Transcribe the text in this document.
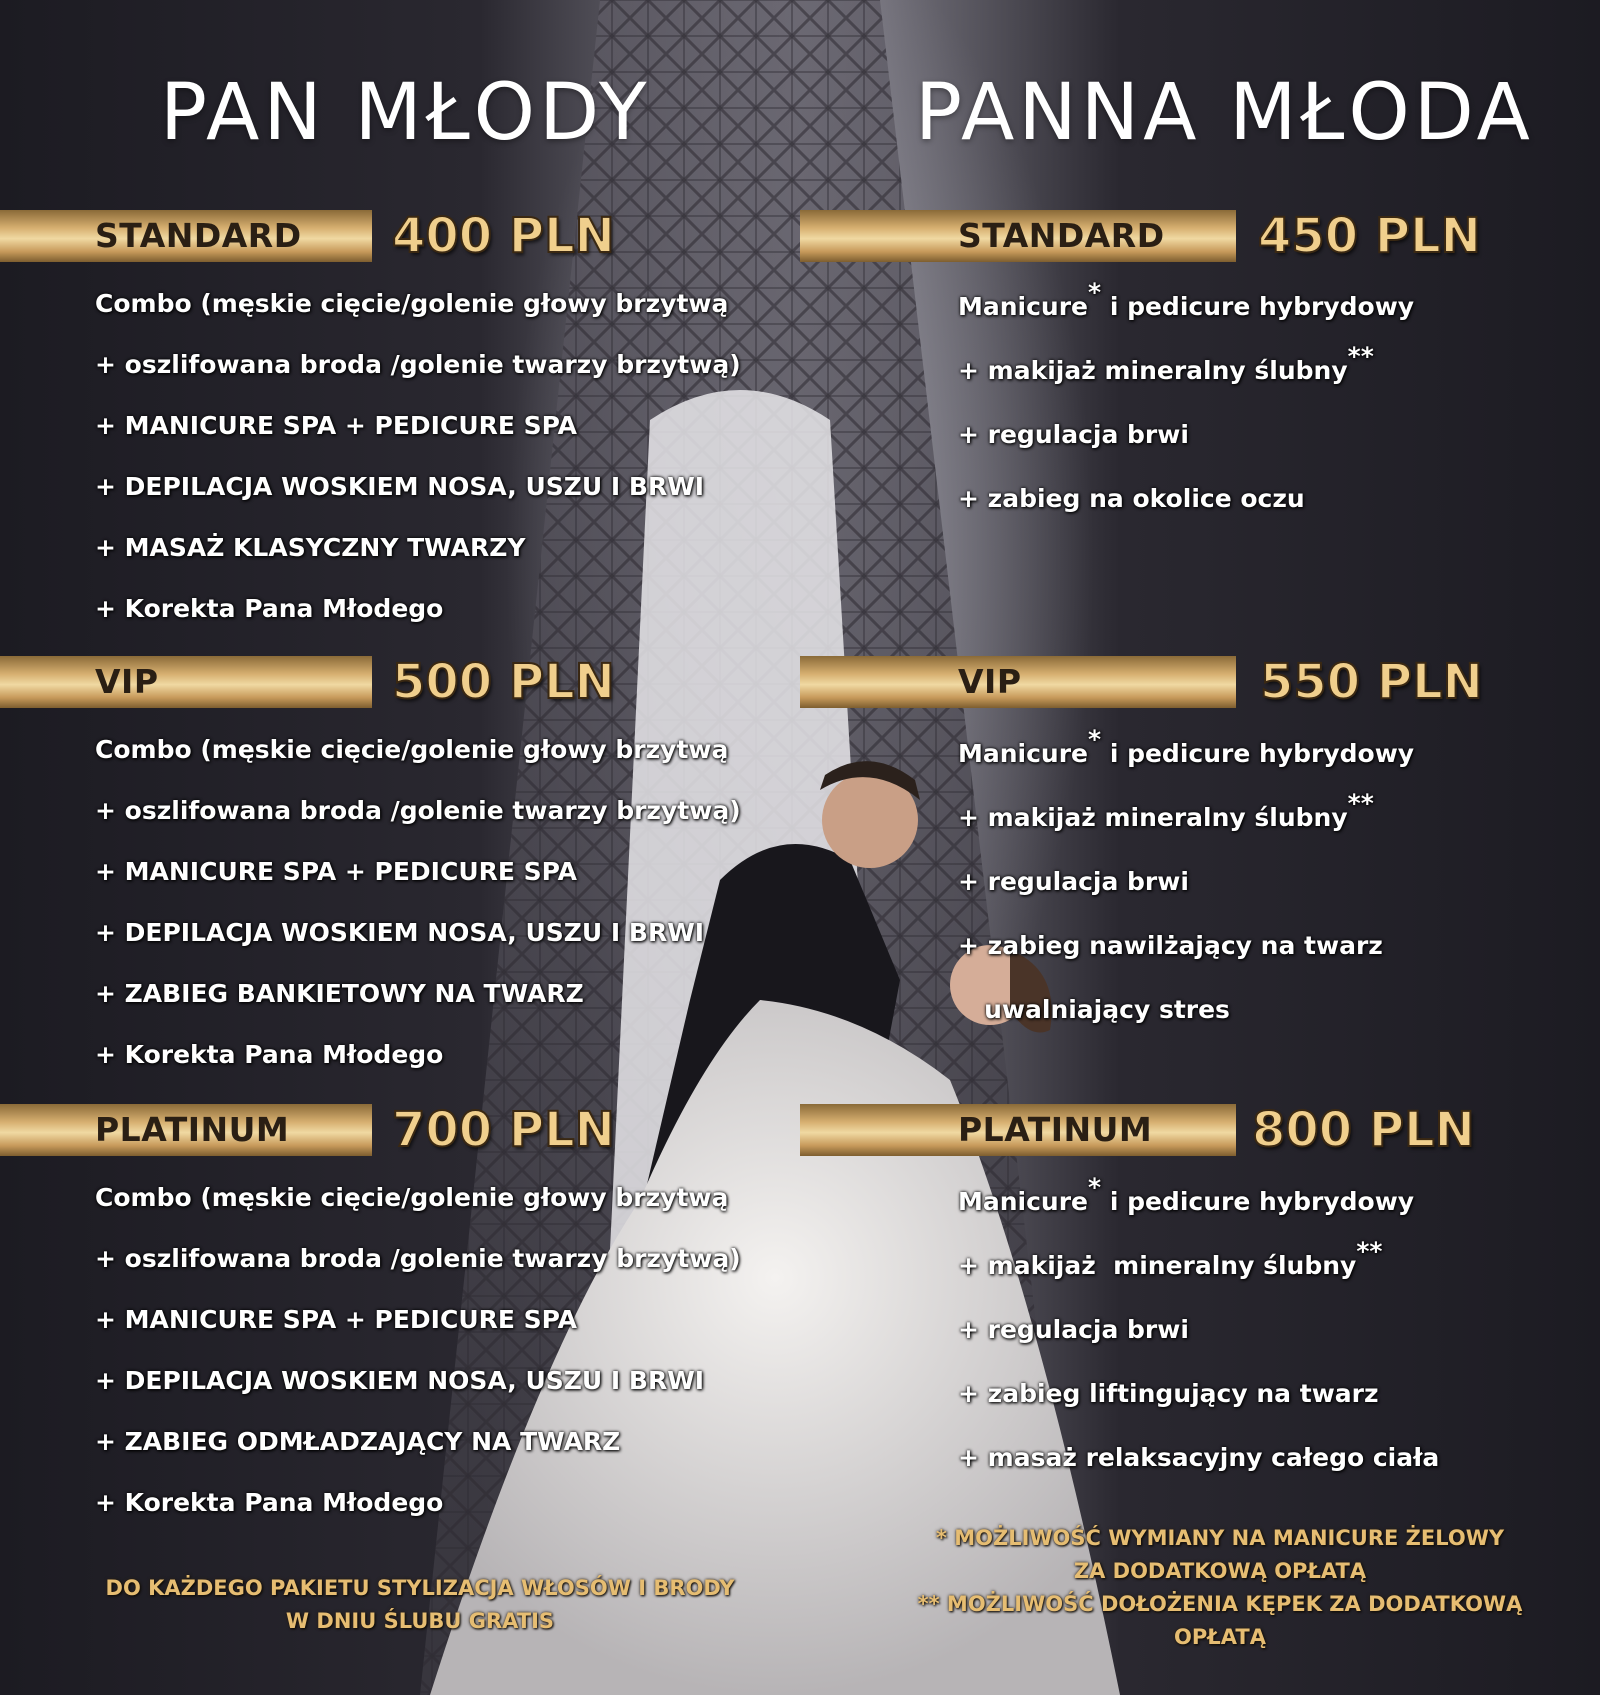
PAN MŁODY	PANNA MŁODA
STANDARD 400 PLN
Combo (męskie cięcie/golenie głowy brzytwą
+ oszlifowana broda /golenie twarzy brzytwą)
+ MANICURE SPA + PEDICURE SPA
+ DEPILACJA WOSKIEM NOSA, USZU I BRWI
+ MASAŻ KLASYCZNY TWARZY
+ Korekta Pana Młodego
VIP	500 PLN
Combo (męskie cięcie/golenie głowy brzytwą
+ oszlifowana broda /golenie twarzy brzytwą)
+ MANICURE SPA + PEDICURE SPA
+ DEPILACJA WOSKIEM NOSA, USZU I BRWI
+ ZABIEG BANKIETOWY NA TWARZ
+ Korekta Pana Młodego
PLATINUM 700 PLN
Combo (męskie cięcie/golenie głowy brzytwą
+ oszlifowana broda /golenie twarzy brzytwą)
+ MANICURE SPA + PEDICURE SPA
+ DEPILACJA WOSKIEM NOSA, USZU I BRWI
+ ZABIEG ODMŁADZAJĄCY NA TWARZ
+ Korekta Pana Młodego

DO KAŻDEGO PAKIETU STYLIZACJA WŁOSÓW I BRODY
W DNIU ŚLUBU GRATIS

STANDARD 450 PLN
Manicure* i pedicure hybrydowy
+ makijaż mineralny ślubny**
+ regulacja brwi
+ zabieg na okolice oczu
VIP	550 PLN
Manicure* i pedicure hybrydowy
+ makijaż mineralny ślubny**
+ regulacja brwi
+ zabieg nawilżający na twarz
uwalniający stres
PLATINUM 800 PLN
Manicure* i pedicure hybrydowy
+ makijaż  mineralny ślubny**
+ regulacja brwi
+ zabieg liftingujący na twarz
+ masaż relaksacyjny całego ciała

* MOŻLIWOŚĆ WYMIANY NA MANICURE ŻELOWY
ZA DODATKOWĄ OPŁATĄ
** MOŻLIWOŚĆ DOŁOŻENIA KĘPEK ZA DODATKOWĄ
OPŁATĄ
